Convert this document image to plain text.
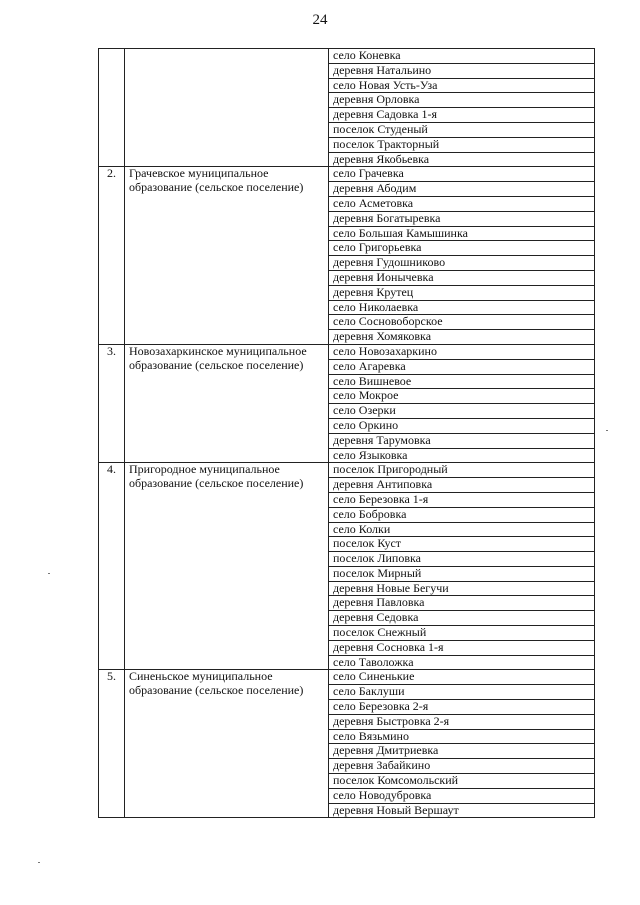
24
		село Коневка
		деревня Натальино
		село Новая Усть-Уза
		деревня Орловка
		деревня Садовка 1-я
		поселок Студеный
		поселок Тракторный
		деревня Якобьевка
2.	Грачевское муниципальное образование (сельское поселение)	село Грачевка
		деревня Абодим
		село Асметовка
		деревня Богатыревка
		село Большая Камышинка
		село Григорьевка
		деревня Гудошниково
		деревня Ионычевка
		деревня Крутец
		село Николаевка
		село Сосновоборское
		деревня Хомяковка
3.	Новозахаркинское муниципальное образование (сельское поселение)	село Новозахаркино
		село Агаревка
		село Вишневое
		село Мокрое
		село Озерки
		село Оркино
		деревня Тарумовка
		село Языковка
4.	Пригородное муниципальное образование (сельское поселение)	поселок Пригородный
		деревня Антиповка
		село Березовка 1-я
		село Бобровка
		село Колки
		поселок Куст
		поселок Липовка
		поселок Мирный
		деревня Новые Бегучи
		деревня Павловка
		деревня Седовка
		поселок Снежный
		деревня Сосновка 1-я
		село Таволожка
5.	Синеньское муниципальное образование (сельское поселение)	село Синенькие
		село Баклуши
		село Березовка 2-я
		деревня Быстровка 2-я
		село Вязьмино
		деревня Дмитриевка
		деревня Забайкино
		поселок Комсомольский
		село Новодубровка
		деревня Новый Вершаут
